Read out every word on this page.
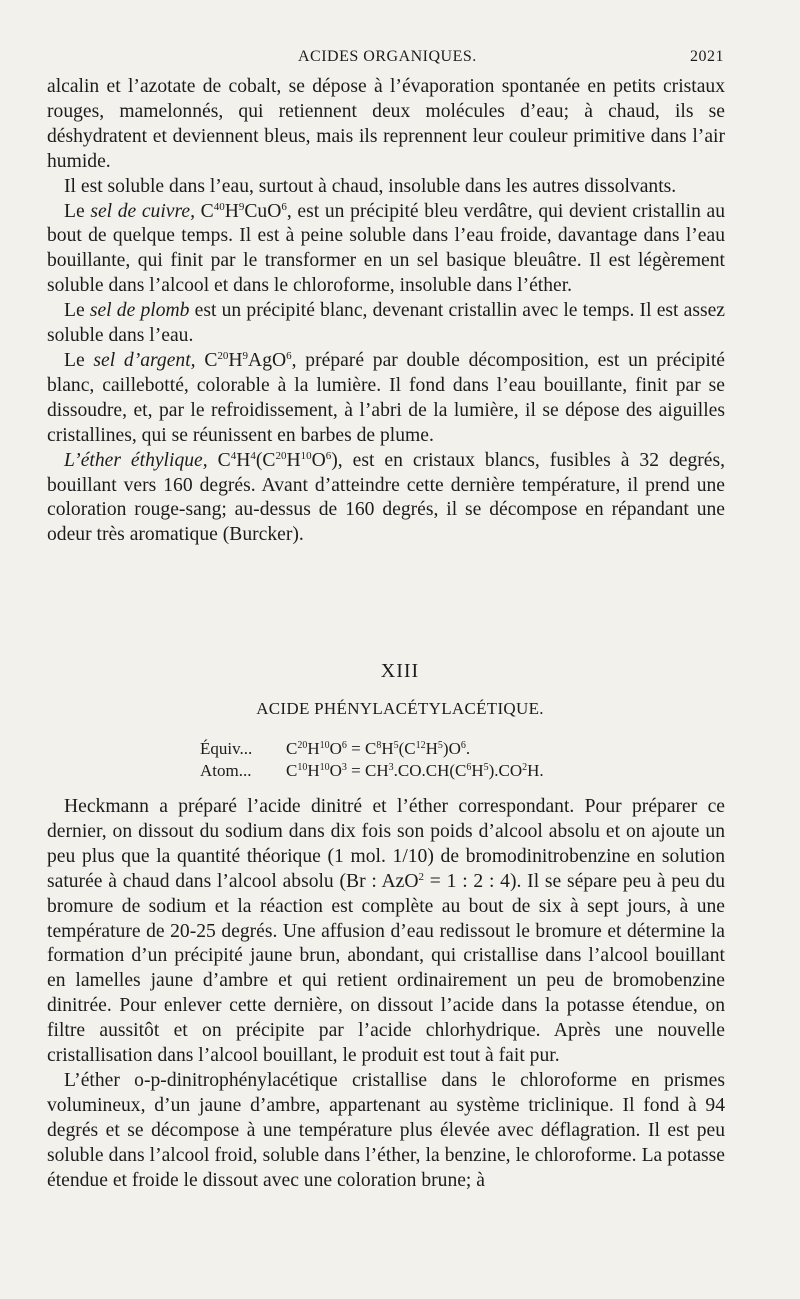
ACIDES ORGANIQUES.	2021

alcalin et l’azotate de cobalt, se dépose à l’évaporation spontanée en petits cristaux rouges, mamelonnés, qui retiennent deux molécules d’eau; à chaud, ils se déshydratent et deviennent bleus, mais ils reprennent leur couleur primitive dans l’air humide.

Il est soluble dans l’eau, surtout à chaud, insoluble dans les autres dissolvants.

Le sel de cuivre, $C^{40}H^9CuO^6$, est un précipité bleu verdâtre, qui devient cristallin au bout de quelque temps. Il est à peine soluble dans l’eau froide, davantage dans l’eau bouillante, qui finit par le transformer en un sel basique bleuâtre. Il est légèrement soluble dans l’alcool et dans le chloroforme, insoluble dans l’éther.

Le sel de plomb est un précipité blanc, devenant cristallin avec le temps. Il est assez soluble dans l’eau.

Le sel d’argent, $C^{20}H^9AgO^6$, préparé par double décomposition, est un précipité blanc, caillebotté, colorable à la lumière. Il fond dans l’eau bouillante, finit par se dissoudre, et, par le refroidissement, à l’abri de la lumière, il se dépose des aiguilles cristallines, qui se réunissent en barbes de plume.

L’éther éthylique, $C^4H^4(C^{20}H^{10}O^6)$, est en cristaux blancs, fusibles à 32 degrés, bouillant vers 160 degrés. Avant d’atteindre cette dernière température, il prend une coloration rouge-sang; au-dessus de 160 degrés, il se décompose en répandant une odeur très aromatique (Burcker).

XIII
ACIDE PHÉNYLACÉTYLACÉTIQUE.
Équiv...	$C^{20}H^{10}O^6 = C^8H^5(C^{12}H^5)O^6$.
Atom...	$C^{10}H^{10}O^3 = CH^3.CO.CH(C^6H^5).CO^2H$.

Heckmann a préparé l’acide dinitré et l’éther correspondant. Pour préparer ce dernier, on dissout du sodium dans dix fois son poids d’alcool absolu et on ajoute un peu plus que la quantité théorique (1 mol. 1/10) de bromodinitrobenzine en solution saturée à chaud dans l’alcool absolu (Br : AzO$^2$ = 1 : 2 : 4). Il se sépare peu à peu du bromure de sodium et la réaction est complète au bout de six à sept jours, à une température de 20-25 degrés. Une affusion d’eau redissout le bromure et détermine la formation d’un précipité jaune brun, abondant, qui cristallise dans l’alcool bouillant en lamelles jaune d’ambre et qui retient ordinairement un peu de bromobenzine dinitrée. Pour enlever cette dernière, on dissout l’acide dans la potasse étendue, on filtre aussitôt et on précipite par l’acide chlorhydrique. Après une nouvelle cristallisation dans l’alcool bouillant, le produit est tout à fait pur.

L’éther o-p-dinitrophénylacétique cristallise dans le chloroforme en prismes volumineux, d’un jaune d’ambre, appartenant au système triclinique. Il fond à 94 degrés et se décompose à une température plus élevée avec déflagration. Il est peu soluble dans l’alcool froid, soluble dans l’éther, la benzine, le chloroforme. La potasse étendue et froide le dissout avec une coloration brune; à
